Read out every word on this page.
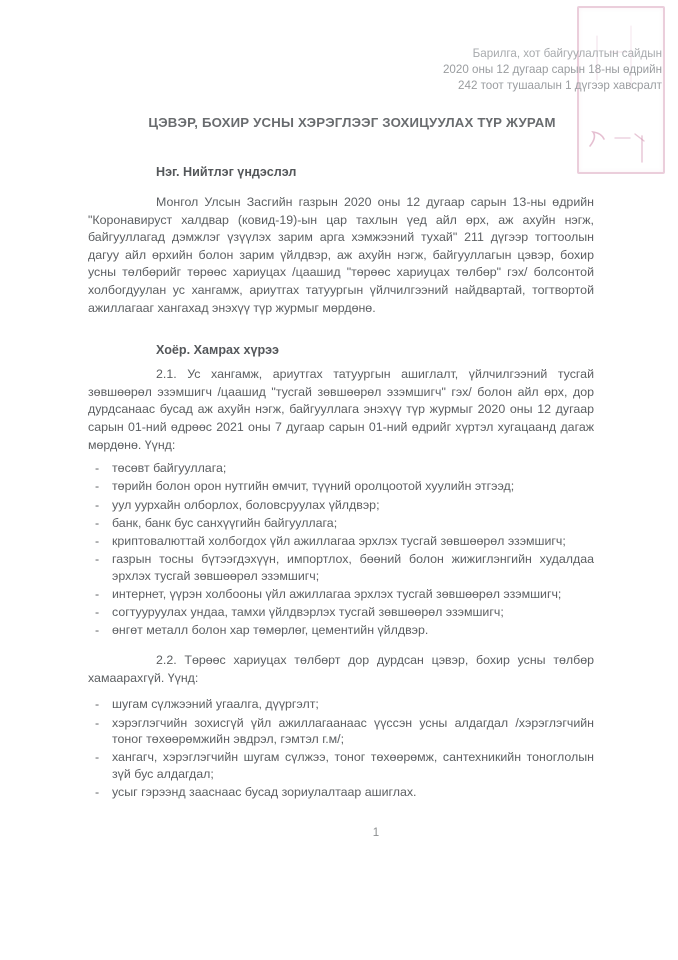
Барилга, хот байгуулалтын сайдын
2020 оны 12 дугаар сарын 18-ны өдрийн
242 тоот тушаалын 1 дүгээр хавсралт
ЦЭВЭР, БОХИР УСНЫ ХЭРЭГЛЭЭГ ЗОХИЦУУЛАХ ТҮР ЖУРАМ
Нэг. Нийтлэг үндэслэл

Монгол Улсын Засгийн газрын 2020 оны 12 дугаар сарын 13-ны өдрийн "Коронавируст халдвар (ковид-19)-ын цар тахлын үед айл өрх, аж ахуйн нэгж, байгууллагад дэмжлэг үзүүлэх зарим арга хэмжээний тухай" 211 дүгээр тогтоолын дагуу айл өрхийн болон зарим үйлдвэр, аж ахуйн нэгж, байгууллагын цэвэр, бохир усны төлбөрийг төрөөс хариуцах /цаашид "төрөөс хариуцах төлбөр" гэх/ болсонтой холбогдуулан ус хангамж, ариутгах татуургын үйлчилгээний найдвартай, тогтвортой ажиллагааг хангахад энэхүү түр журмыг мөрдөнө.

Хоёр. Хамрах хүрээ

2.1. Ус хангамж, ариутгах татуургын ашиглалт, үйлчилгээний тусгай зөвшөөрөл эзэмшигч /цаашид "тусгай зөвшөөрөл эзэмшигч" гэх/ болон айл өрх, дор дурдсанаас бусад аж ахуйн нэгж, байгууллага энэхүү түр журмыг 2020 оны 12 дугаар сарын 01-ний өдрөөс 2021 оны 7 дугаар сарын 01-ний өдрийг хүртэл хугацаанд дагаж мөрдөнө. Үүнд:

-	төсөвт байгууллага;
-	төрийн болон орон нутгийн өмчит, түүний оролцоотой хуулийн этгээд;
-	уул уурхайн олборлох, боловсруулах үйлдвэр;
-	банк, банк бус санхүүгийн байгууллага;
-	криптовалюттай холбогдох үйл ажиллагаа эрхлэх тусгай зөвшөөрөл эзэмшигч;
-	газрын тосны бүтээгдэхүүн, импортлох, бөөний болон жижиглэнгийн худалдаа эрхлэх тусгай зөвшөөрөл эзэмшигч;
-	интернет, үүрэн холбооны үйл ажиллагаа эрхлэх тусгай зөвшөөрөл эзэмшигч;
-	согтууруулах ундаа, тамхи үйлдвэрлэх тусгай зөвшөөрөл эзэмшигч;
-	өнгөт металл болон хар төмөрлөг, цементийн үйлдвэр.

2.2. Төрөөс хариуцах төлбөрт дор дурдсан цэвэр, бохир усны төлбөр хамаарахгүй. Үүнд:

-	шугам сүлжээний угаалга, дүүргэлт;
-	хэрэглэгчийн зохисгүй үйл ажиллагаанаас үүссэн усны алдагдал /хэрэглэгчийн тоног төхөөрөмжийн эвдрэл, гэмтэл г.м/;
-	хангагч, хэрэглэгчийн шугам сүлжээ, тоног төхөөрөмж, сантехникийн тоноглолын зүй бус алдагдал;
-	усыг гэрээнд зааснаас бусад зориулалтаар ашиглах.
1
